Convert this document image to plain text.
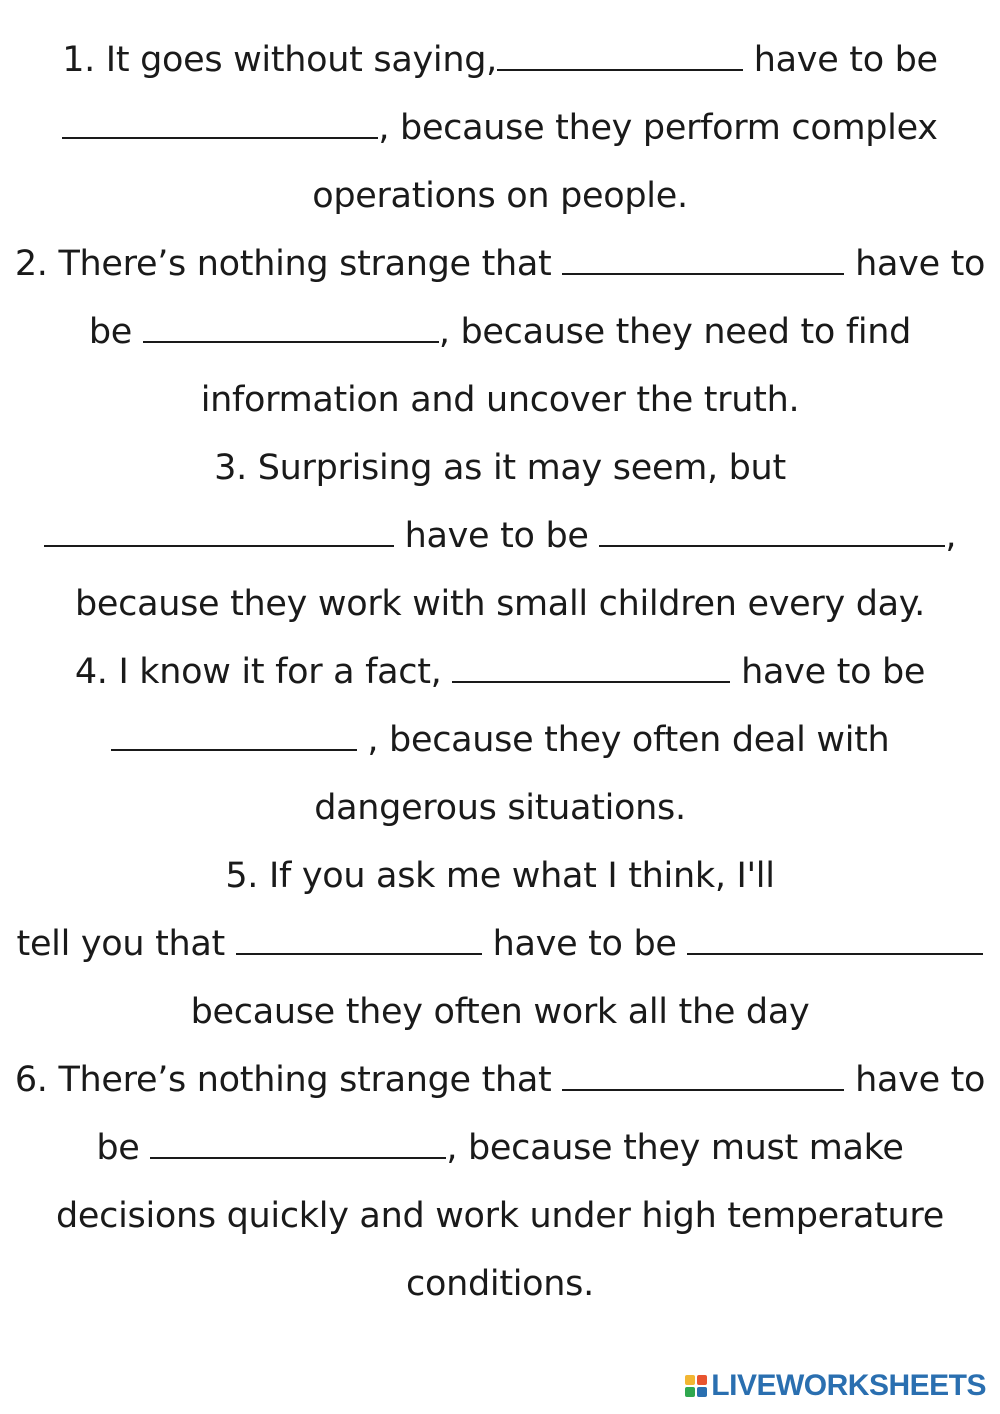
1. It goes without saying,	have to be
, because they perform complex
operations on people.
2. There’s nothing strange that	have to
be	, because they need to find
information and uncover the truth.
3. Surprising as it may seem, but
have to be	,
because they work with small children every day.
4. I know it for a fact,	have to be
, because they often deal with
dangerous situations.
5. If you ask me what I think, I'll
tell you that	have to be
because they often work all the day
6. There’s nothing strange that	have to
be	, because they must make
decisions quickly and work under high temperature
conditions.
LIVEWORKSHEETS
